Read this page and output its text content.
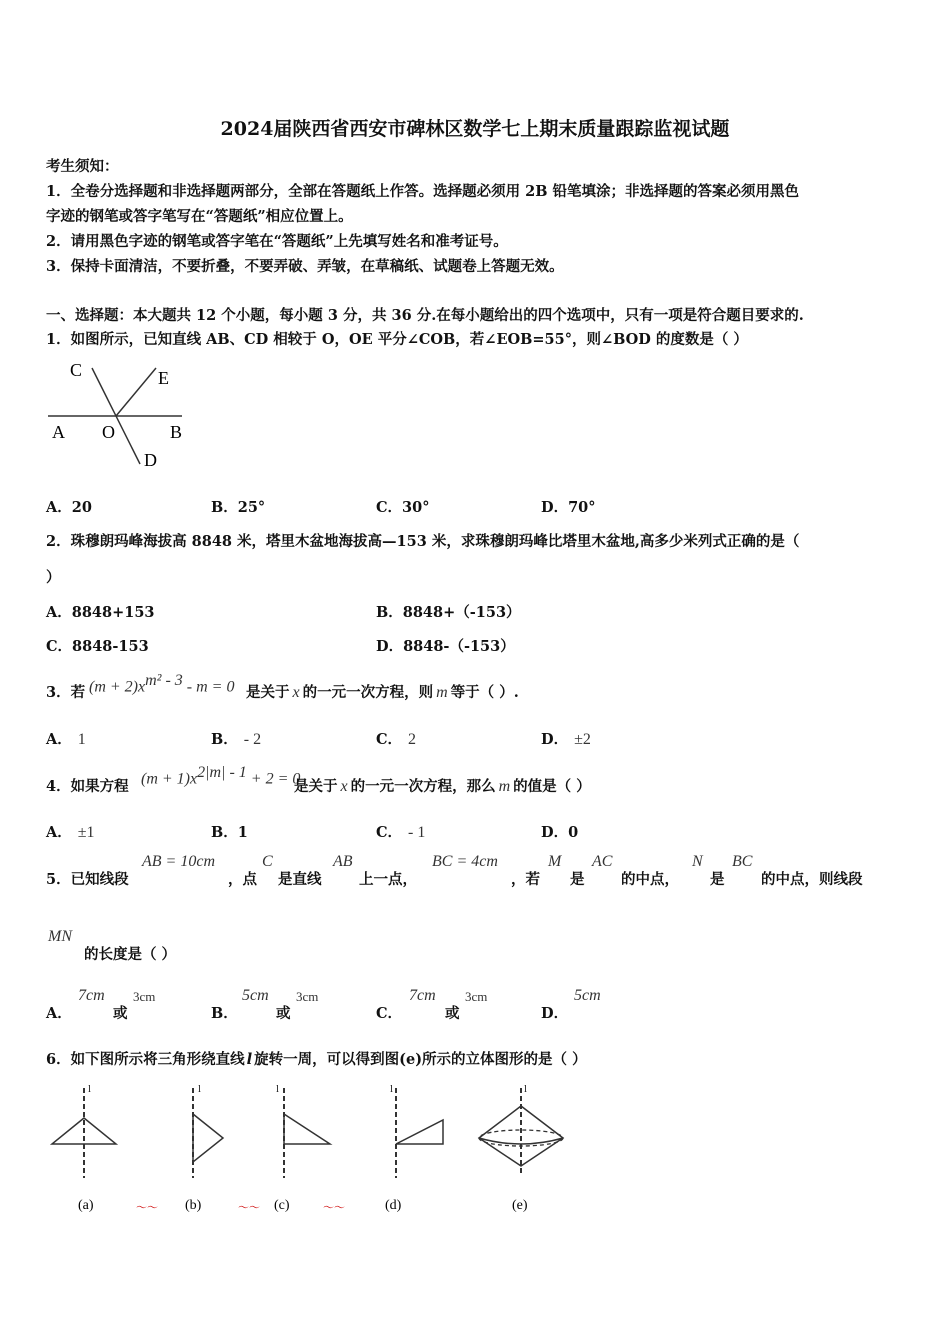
2024届陕西省西安市碑林区数学七上期末质量跟踪监视试题
考生须知：
1．全卷分选择题和非选择题两部分，全部在答题纸上作答。选择题必须用 2B 铅笔填涂；非选择题的答案必须用黑色
字迹的钢笔或答字笔写在“答题纸”相应位置上。
2．请用黑色字迹的钢笔或答字笔在“答题纸”上先填写姓名和准考证号。
3．保持卡面清洁，不要折叠，不要弄破、弄皱，在草稿纸、试题卷上答题无效。
一、选择题：本大题共 12 个小题，每小题 3 分，共 36 分.在每小题给出的四个选项中，只有一项是符合题目要求的.
1．如图所示，已知直线 AB、CD 相较于 O，OE 平分∠COB，若∠EOB=55°，则∠BOD 的度数是（ ）
C	E
A O	B
D
A．20	B．25°	C．30°	D．70°
2．珠穆朗玛峰海拔高 8848 米，塔里木盆地海拔高—153 米，求珠穆朗玛峰比塔里木盆地,高多少米列式正确的是（
）
A．8848+153	B．8848+（-153）
C．8848-153	D．8848-（-153）
3．若 $(m + 2)x^{m^2 - 3} - m = 0$ 是关于 x 的一元一次方程，则 m 等于（ ）.
A． 1	B． - 2	C． 2	D． ±2
4．如果方程 $(m + 1)x^{2|m| - 1} + 2 = 0$
是关于 x 的一元一次方程，那么 m 的值是（ ）
A． ±1	B．1	C． - 1	D．0
5．已知线段
AB = 10cm
，点
C
是直线
AB
上一点，
BC = 4cm
，若
M
是
AC
的中点，
N
是
BC
的中点，则线段
MN
的长度是（ ）
A．
7cm
或
3cm
B．
5cm
或
3cm
C．
7cm
或
3cm
D．
5cm
6．如下图所示将三角形绕直线 l 旋转一周，可以得到图(e)所示的立体图形的是（ ）
l
(a)
l
(b)
～～
l
(c)
～～
l
(d)
～～
l
(e)
